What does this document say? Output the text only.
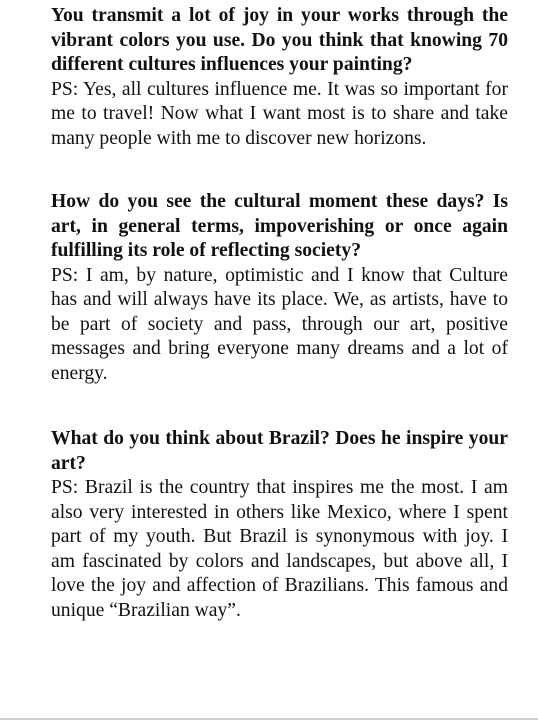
You transmit a lot of joy in your works through the vibrant colors you use. Do you think that knowing 70 different cultures influences your painting?

PS: Yes, all cultures influence me. It was so important for me to travel! Now what I want most is to share and take many people with me to discover new horizons.

How do you see the cultural moment these days? Is art, in general terms, impoverishing or once again fulfilling its role of reflecting society?

PS: I am, by nature, optimistic and I know that Culture has and will always have its place. We, as artists, have to be part of society and pass, through our art, positive messages and bring everyone many dreams and a lot of energy.

What do you think about Brazil? Does he inspire your art?

PS: Brazil is the country that inspires me the most. I am also very interested in others like Mexico, where I spent part of my youth. But Brazil is synonymous with joy. I am fascinated by colors and landscapes, but above all, I love the joy and affection of Brazilians. This famous and unique “Brazilian way”.
